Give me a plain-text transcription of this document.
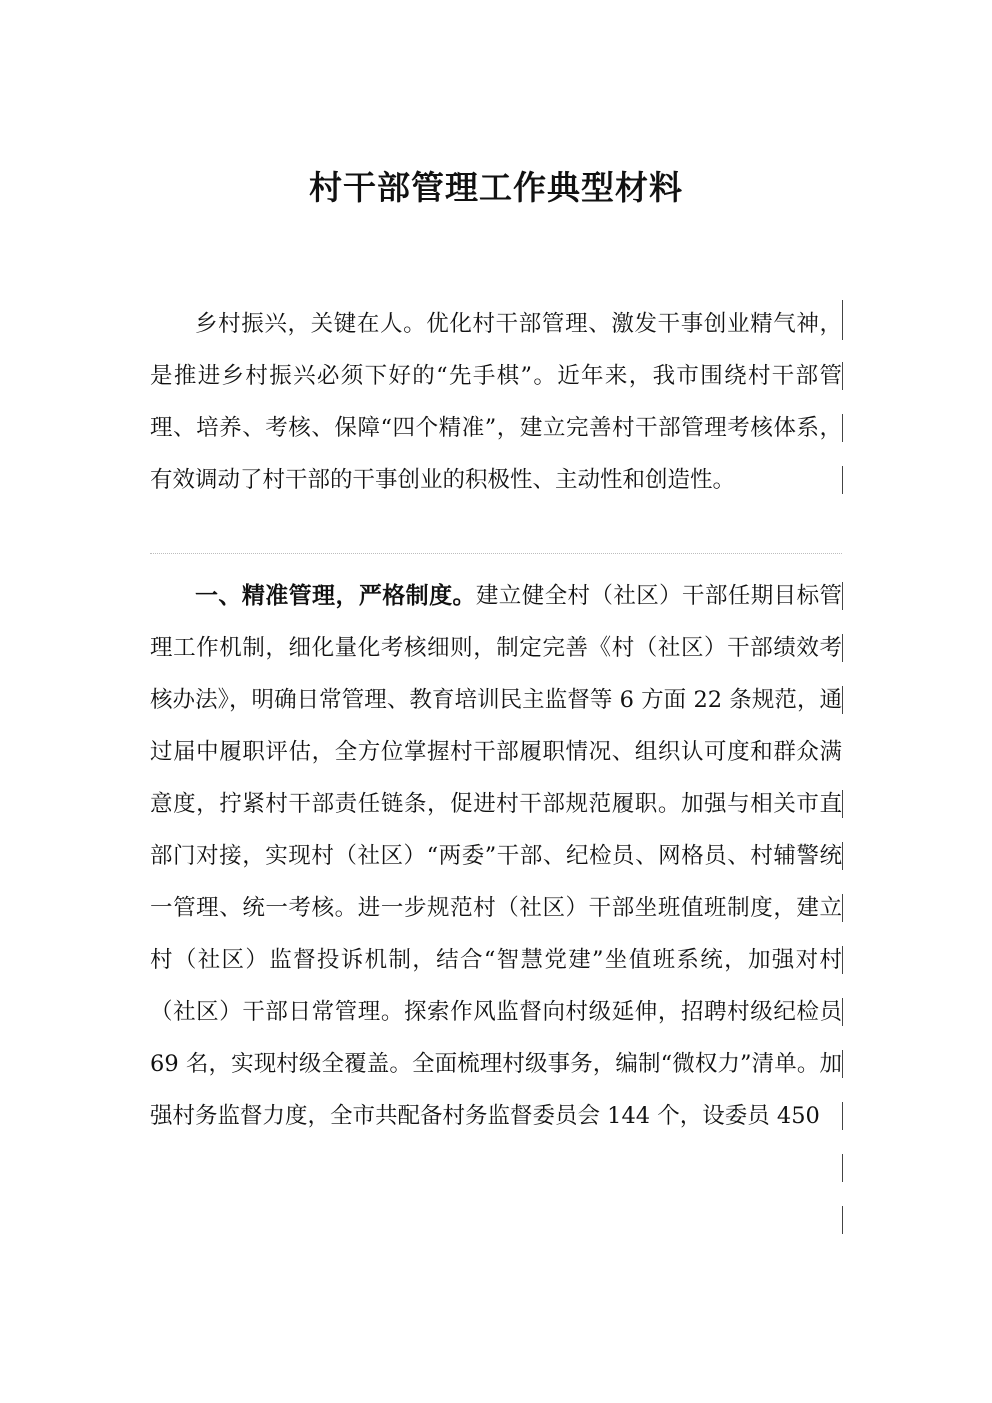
村干部管理工作典型材料
乡村振兴，关键在人。优化村干部管理、激发干事创业精气神，是推进乡村振兴必须下好的“先手棋”。近年来，我市围绕村干部管理、培养、考核、保障“四个精准”，建立完善村干部管理考核体系，有效调动了村干部的干事创业的积极性、主动性和创造性。
一、精准管理，严格制度。建立健全村（社区）干部任期目标管理工作机制，细化量化考核细则，制定完善《村（社区）干部绩效考核办法》，明确日常管理、教育培训民主监督等 6 方面 22 条规范，通过届中履职评估，全方位掌握村干部履职情况、组织认可度和群众满意度，拧紧村干部责任链条，促进村干部规范履职。加强与相关市直部门对接，实现村（社区）“两委”干部、纪检员、网格员、村辅警统一管理、统一考核。进一步规范村（社区）干部坐班值班制度，建立村（社区）监督投诉机制，结合“智慧党建”坐值班系统，加强对村（社区）干部日常管理。探索作风监督向村级延伸，招聘村级纪检员 69 名，实现村级全覆盖。全面梳理村级事务，编制“微权力”清单。加强村务监督力度，全市共配备村务监督委员会 144 个，设委员 450
